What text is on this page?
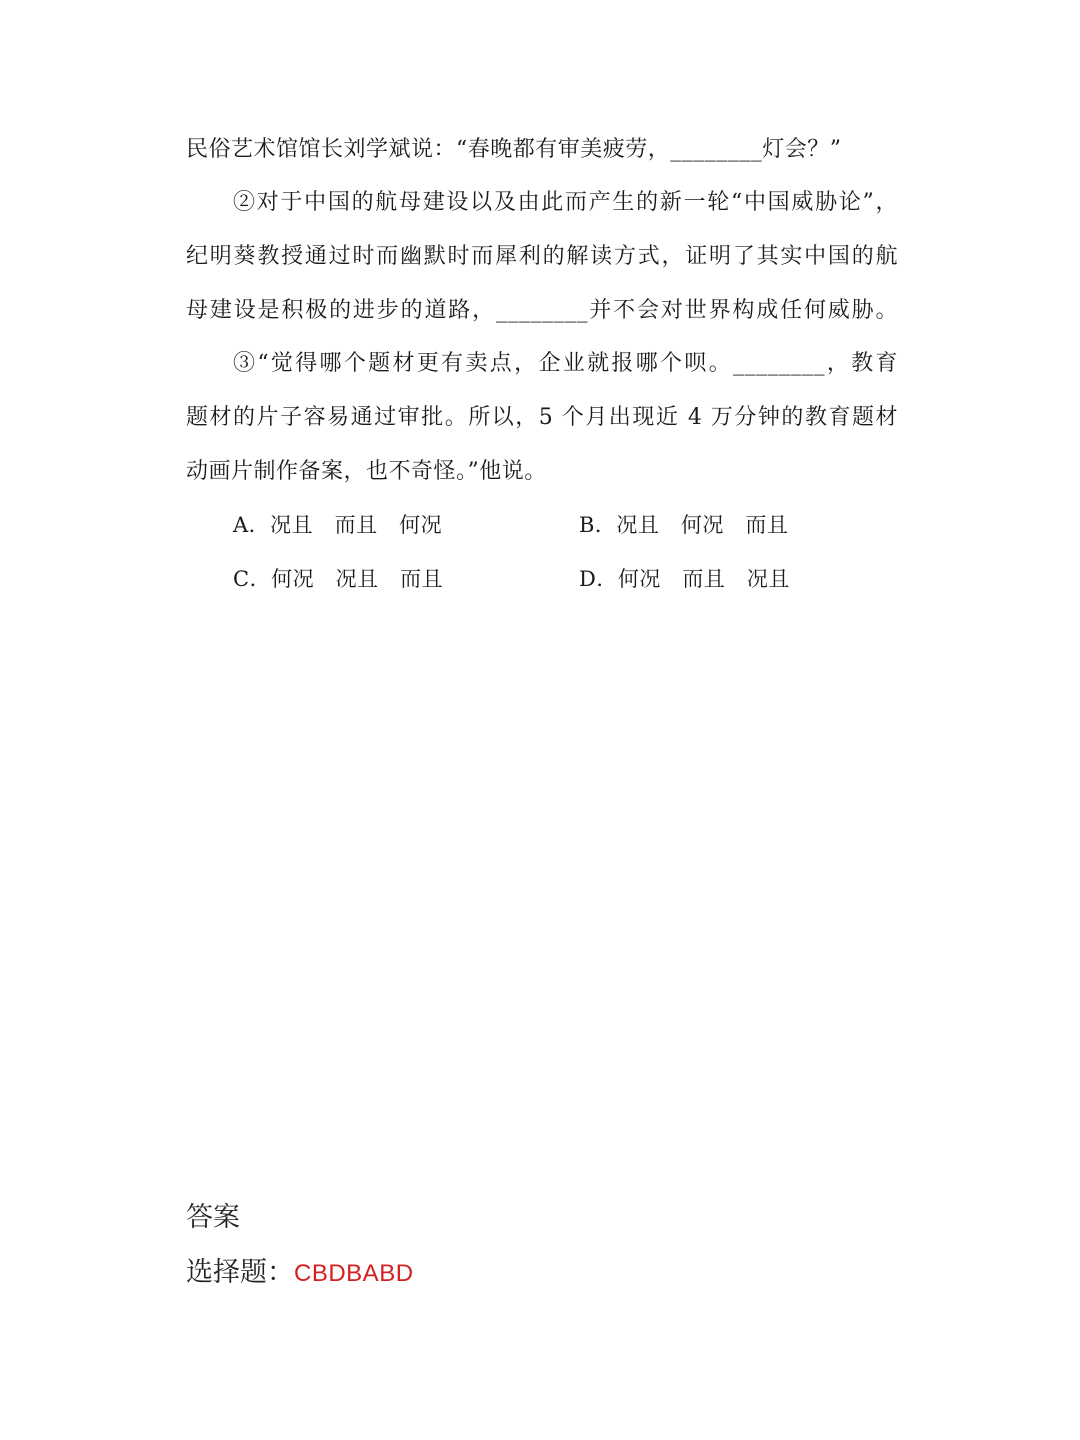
民俗艺术馆馆长刘学斌说：“春晚都有审美疲劳，________灯会？”
②对于中国的航母建设以及由此而产生的新一轮“中国威胁论”，
纪明葵教授通过时而幽默时而犀利的解读方式，证明了其实中国的航
母建设是积极的进步的道路，________并不会对世界构成任何威胁。
③“觉得哪个题材更有卖点，企业就报哪个呗。________，教育
题材的片子容易通过审批。所以，5 个月出现近 4 万分钟的教育题材
动画片制作备案，也不奇怪。”他说。
A．况且　而且　何况	B．况且　何况　而且
C．何况　况且　而且	D．何况　而且　况且
答案
选择题：CBDBABD
